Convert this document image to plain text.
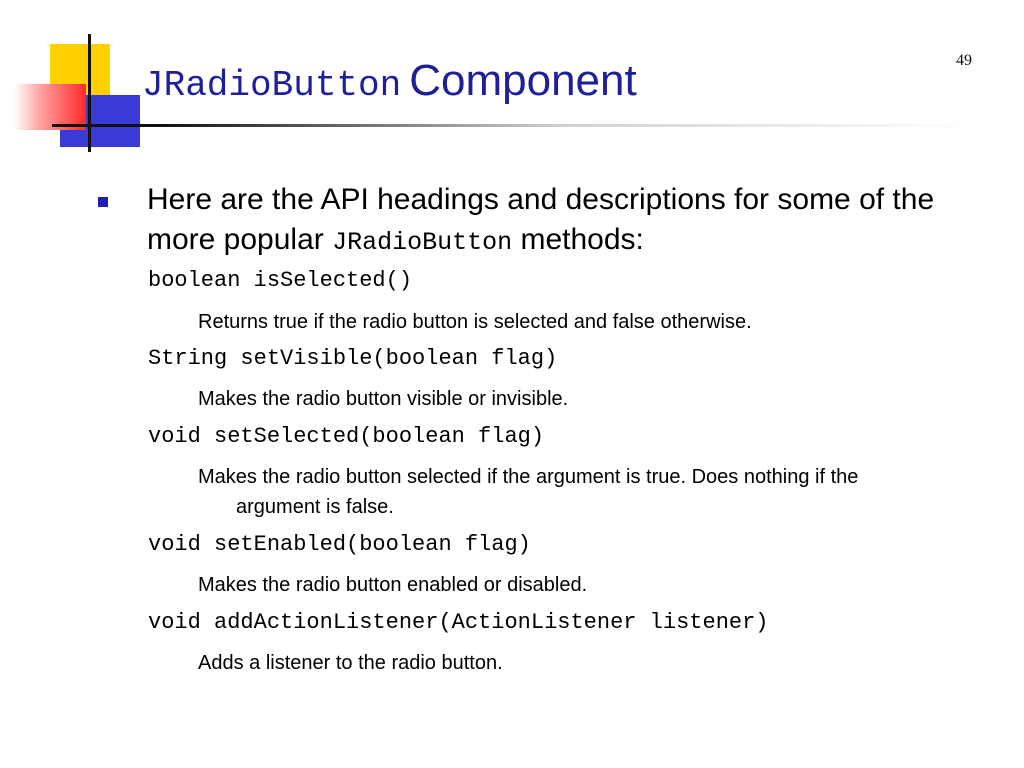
JRadioButton Component	49

Here are the API headings and descriptions for some of the more popular JRadioButton methods:

boolean isSelected()

Returns true if the radio button is selected and false otherwise.

String setVisible(boolean flag)

Makes the radio button visible or invisible.

void setSelected(boolean flag)

Makes the radio button selected if the argument is true. Does nothing if the argument is false.

void setEnabled(boolean flag)

Makes the radio button enabled or disabled.

void addActionListener(ActionListener listener)

Adds a listener to the radio button.
